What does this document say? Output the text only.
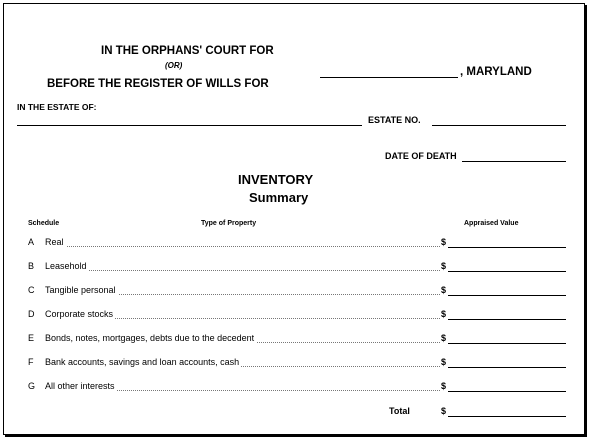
IN THE ORPHANS' COURT FOR
(OR)
BEFORE THE REGISTER OF WILLS FOR
, MARYLAND
IN THE ESTATE OF:
ESTATE NO.
DATE OF DEATH
INVENTORY
Summary
Schedule	Type of Property	Appraised Value
A Real	$
B Leasehold	$
C Tangible personal	$
D Corporate stocks	$
E Bonds, notes, mortgages, debts due to the decedent	$
F Bank accounts, savings and loan accounts, cash	$
G All other interests	$
Total	$
